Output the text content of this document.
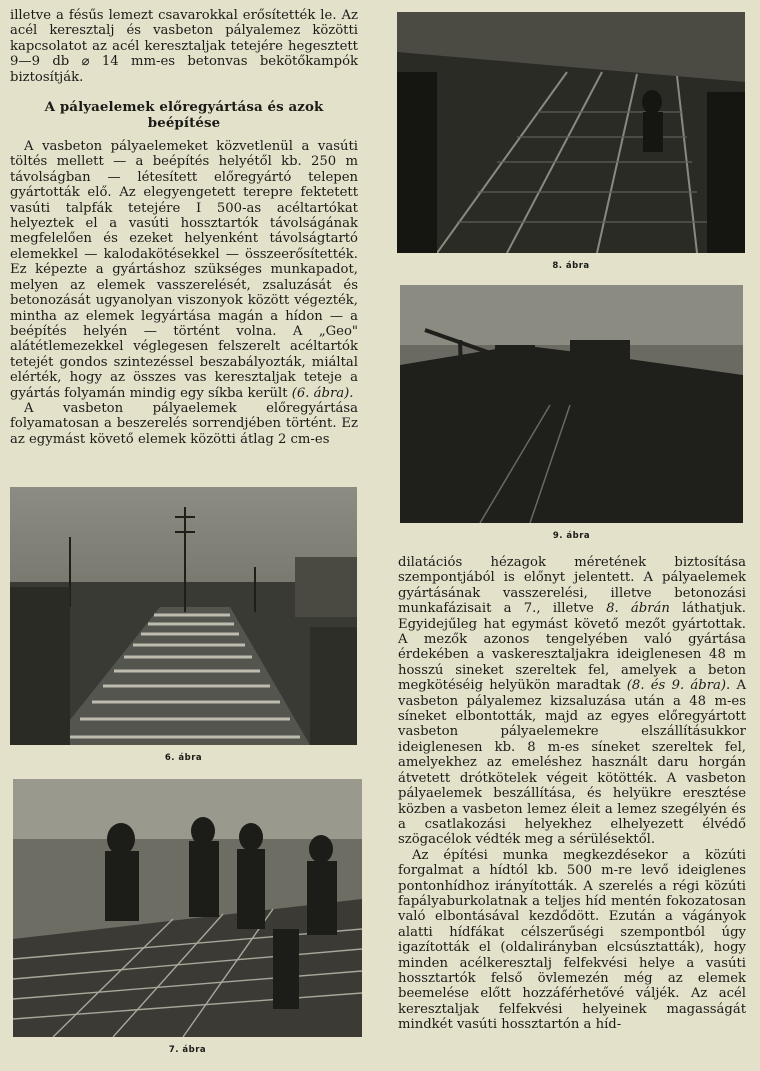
illetve a fésűs lemezt csavarokkal erősítették le. Az acél keresztalj és vasbeton pályalemez közötti kapcsolatot az acél keresztaljak tetejére hegesztett 9—9 db ⌀ 14 mm-es betonvas bekötőkampók biztosítják.

A pályaelemek előregyártása és azok beépítése

A vasbeton pályaelemeket közvetlenül a vasúti töltés mellett — a beépítés helyétől kb. 250 m távolságban — létesített előregyártó telepen gyártották elő. Az elegyengetett terepre fektetett vasúti talpfák tetejére I 500-as acéltartókat helyeztek el a vasúti hossztartók távolságának megfelelően és ezeket helyenként távolságtartó elemekkel — kalodakötésekkel — összeerősítették. Ez képezte a gyártáshoz szükséges munkapadot, melyen az elemek vasszerelését, zsaluzását és betonozását ugyanolyan viszonyok között végezték, mintha az elemek legyártása magán a hídon — a beépítés helyén — történt volna. A „Geo" alátétlemezekkel véglegesen felszerelt acéltartók tetejét gondos szintezéssel beszabályozták, miáltal elérték, hogy az összes vas keresztaljak teteje a gyártás folyamán mindig egy síkba került (6. ábra).

A vasbeton pályaelemek előregyártása folyamatosan a beszerelés sorrendjében történt. Ez az egymást követő elemek közötti átlag 2 cm-es

6. ábra
7. ábra
8. ábra
9. ábra

dilatációs hézagok méretének biztosítása szempontjából is előnyt jelentett. A pályaelemek gyártásának vasszerelési, illetve betonozási munkafázisait a 7., illetve 8. ábrán láthatjuk. Egyidejűleg hat egymást követő mezőt gyártottak. A mezők azonos tengelyében való gyártása érdekében a vaskeresztaljakra ideiglenesen 48 m hosszú sineket szereltek fel, amelyek a beton megkötéséig helyükön maradtak (8. és 9. ábra). A vasbeton pályalemez kizsaluzása után a 48 m-es síneket elbontották, majd az egyes előregyártott vasbeton pályaelemekre elszállításukkor ideiglenesen kb. 8 m-es síneket szereltek fel, amelyekhez az emeléshez használt daru horgán átvetett drótkötelek végeit kötötték. A vasbeton pályaelemek beszállítása, és helyükre eresztése közben a vasbeton lemez éleit a lemez szegélyén és a csatlakozási helyekhez elhelyezett élvédő szögacélok védték meg a sérülésektől.

Az építési munka megkezdésekor a közúti forgalmat a hídtól kb. 500 m-re levő ideiglenes pontonhídhoz irányították. A szerelés a régi közúti fapályaburkolatnak a teljes híd mentén fokozatosan való elbontásával kezdődött. Ezután a vágányok alatti hídfákat célszerűségi szempontból úgy igazították el (oldalirányban elcsúsztatták), hogy minden acélkeresztalj felfekvési helye a vasúti hossztartók felső övlemezén még az elemek beemelése előtt hozzáférhetővé váljék. Az acél keresztaljak felfekvési helyeinek magasságát mindkét vasúti hossztartón a híd-
